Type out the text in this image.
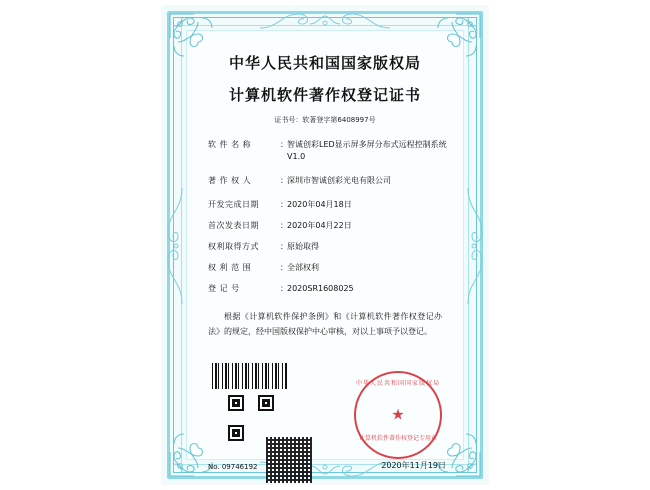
中华人民共和国国家版权局
计算机软件著作权登记证书
证书号：软著登字第6408997号
软 件 名 称	： 智诚创彩LED显示屏多屏分布式远程控制系统 V1.0
著 作 权 人	： 深圳市智诚创彩光电有限公司
开发完成日期	： 2020年04月18日
首次发表日期	： 2020年04月22日
权利取得方式	： 原始取得
权 利 范 围	： 全部权利
登 记 号	： 2020SR1608025
根据《计算机软件保护条例》和《计算机软件著作权登记办法》的规定，经中国版权保护中心审核，对以上事项予以登记。
No. 09746192
中华人民共和国国家版权局
★
计算机软件著作权登记专用章
2020年11月19日
